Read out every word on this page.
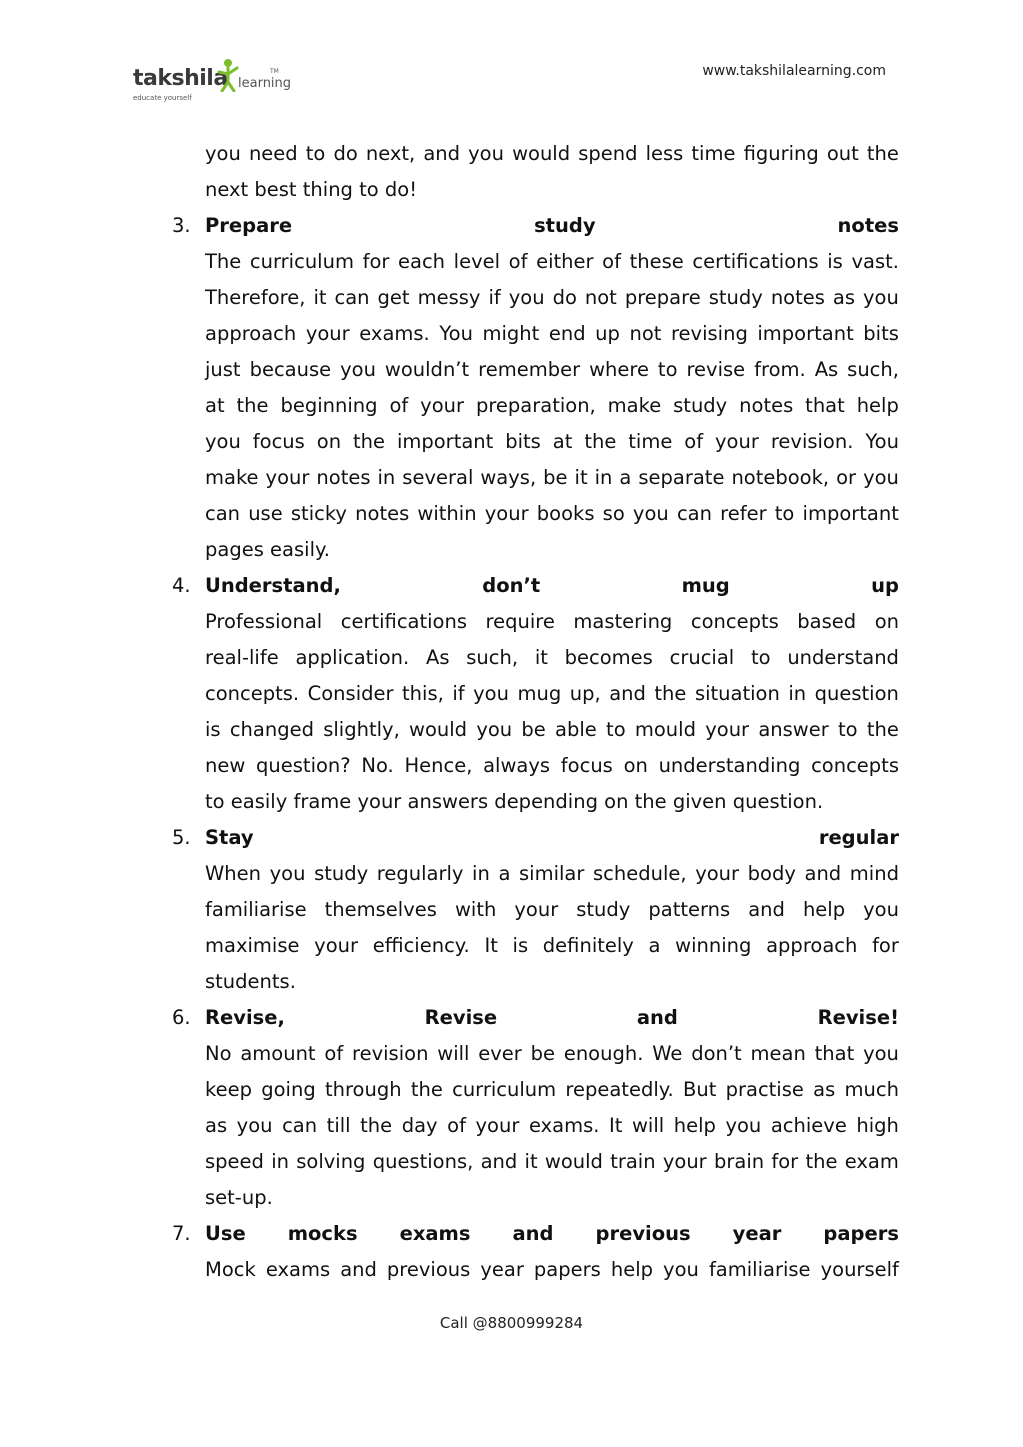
takshila learning
TM
educate yourself
www.takshilalearning.com
you need to do next, and you would spend less time figuring out the
next best thing to do!
3. Prepare	study	notes
The curriculum for each level of either of these certifications is vast.
Therefore, it can get messy if you do not prepare study notes as you
approach your exams. You might end up not revising important bits
just because you wouldn’t remember where to revise from. As such,
at the beginning of your preparation, make study notes that help
you focus on the important bits at the time of your revision. You
make your notes in several ways, be it in a separate notebook, or you
can use sticky notes within your books so you can refer to important
pages easily.
4. Understand,	don’t	mug	up
Professional certifications require mastering concepts based on
real-life application. As such, it becomes crucial to understand
concepts. Consider this, if you mug up, and the situation in question
is changed slightly, would you be able to mould your answer to the
new question? No. Hence, always focus on understanding concepts
to easily frame your answers depending on the given question.
5. Stay	regular
When you study regularly in a similar schedule, your body and mind
familiarise themselves with your study patterns and help you
maximise your efficiency. It is definitely a winning approach for
students.
6. Revise,	Revise	and	Revise!
No amount of revision will ever be enough. We don’t mean that you
keep going through the curriculum repeatedly. But practise as much
as you can till the day of your exams. It will help you achieve high
speed in solving questions, and it would train your brain for the exam
set-up.
7. Use mocks exams and previous year papers
Mock exams and previous year papers help you familiarise yourself
Call @8800999284
